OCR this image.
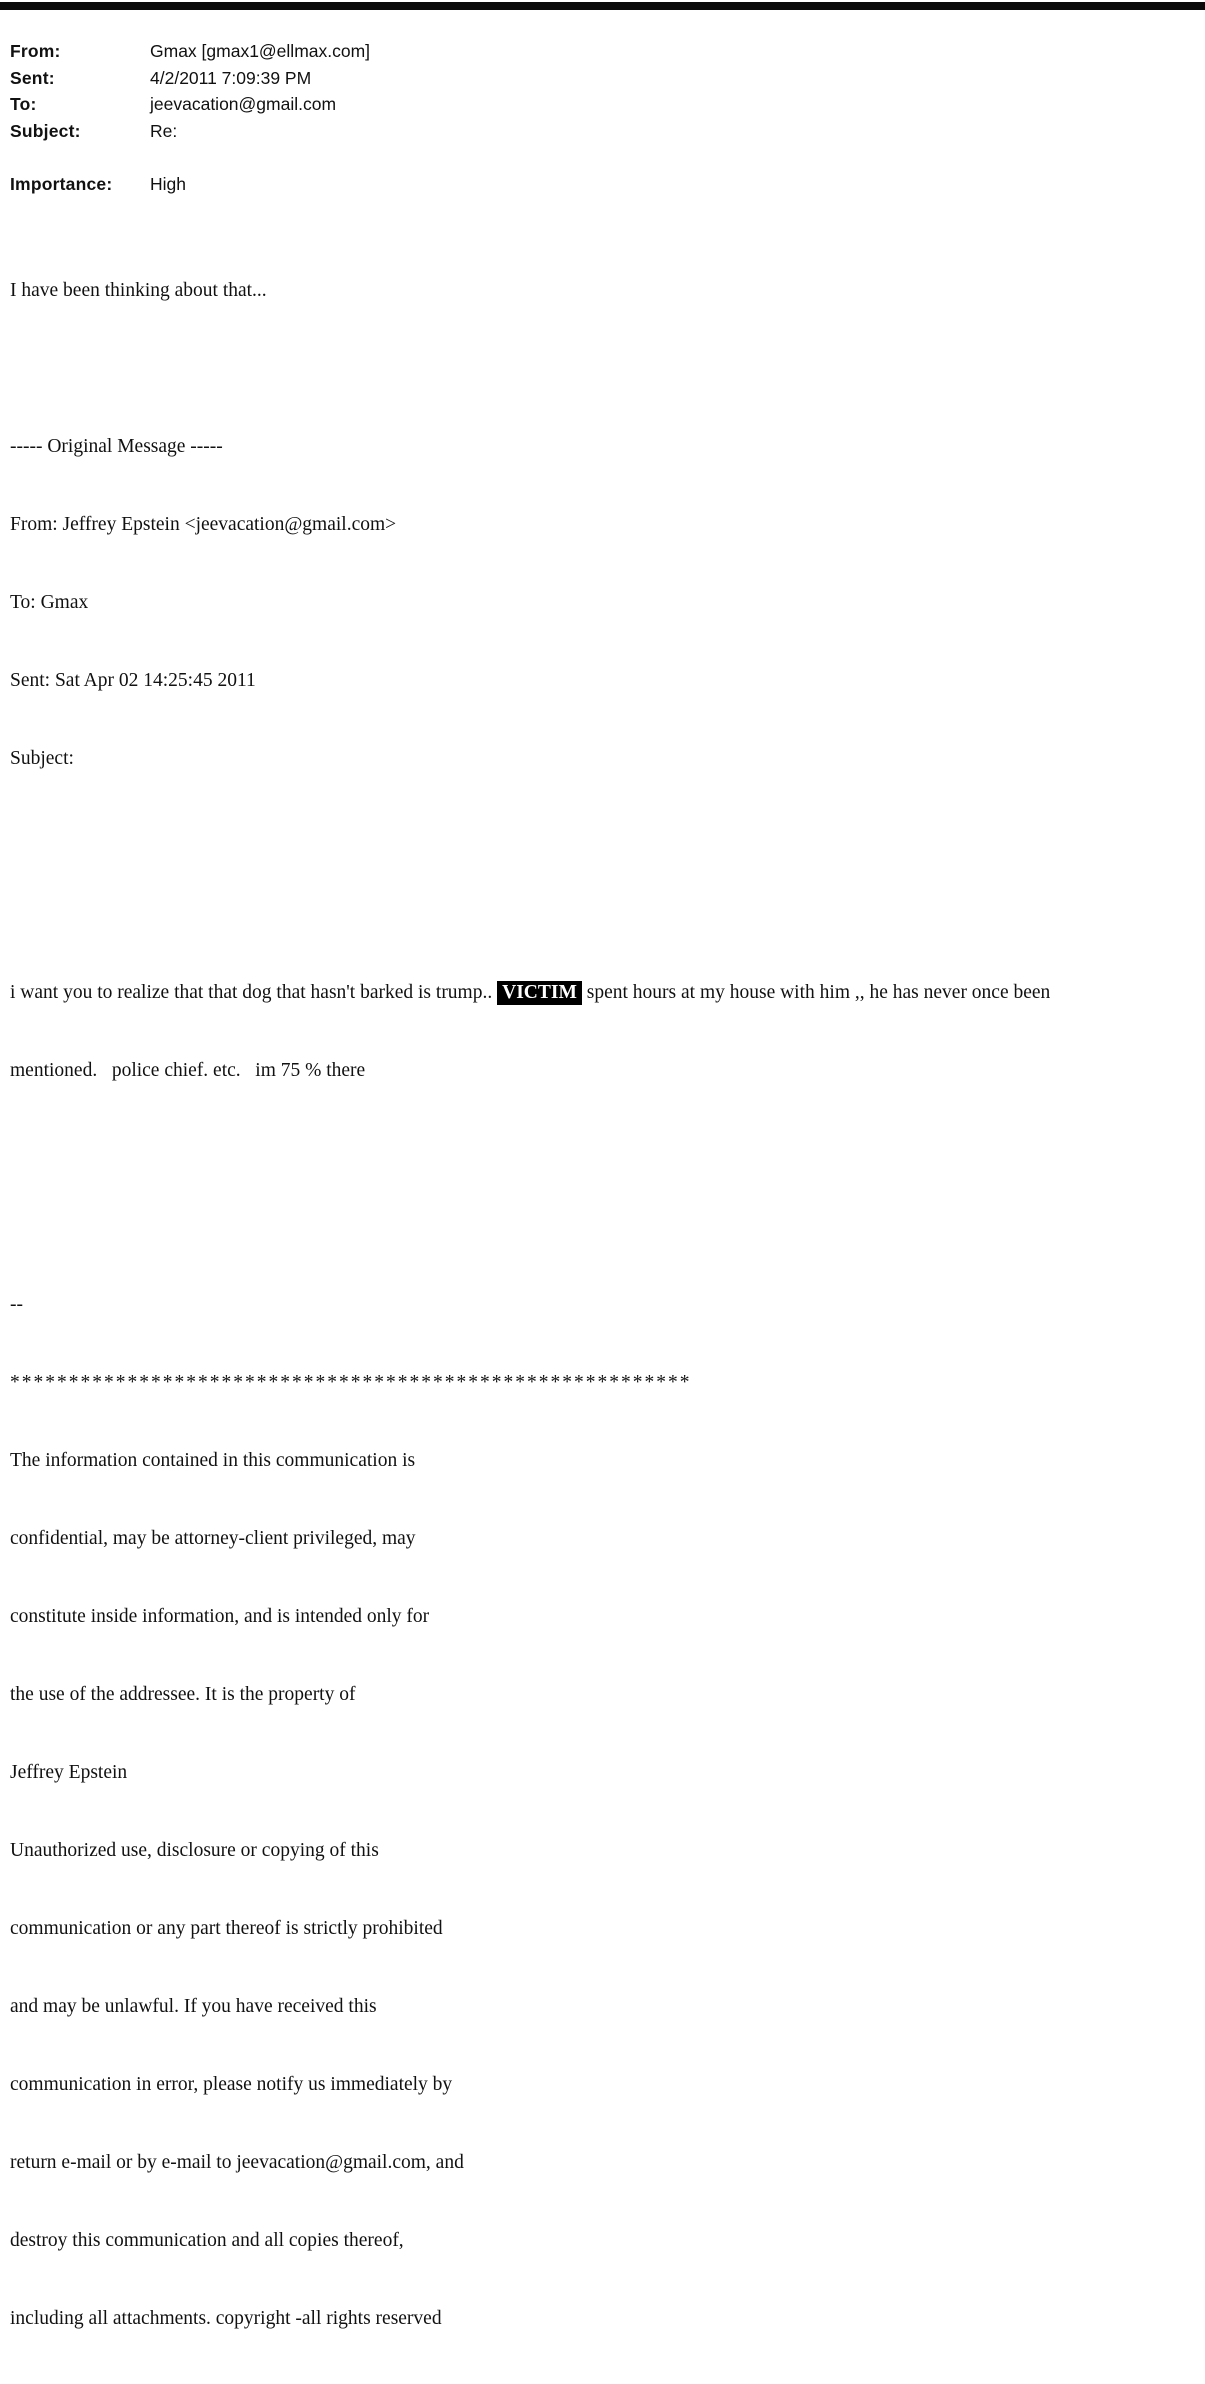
From:	Gmax [gmax1@ellmax.com]
Sent:	4/2/2011 7:09:39 PM
To:	jeevacation@gmail.com
Subject:	Re:
Importance:	High

I have been thinking about that...

----- Original Message -----

From: Jeffrey Epstein <jeevacation@gmail.com>

To: Gmax

Sent: Sat Apr 02 14:25:45 2011

Subject:

i want you to realize that that dog that hasn't barked is trump.. VICTIM spent hours at my house with him ,, he has never once been

mentioned.   police chief. etc.   im 75 % there

--

**********************************************************

The information contained in this communication is

confidential, may be attorney-client privileged, may

constitute inside information, and is intended only for

the use of the addressee. It is the property of

Jeffrey Epstein

Unauthorized use, disclosure or copying of this

communication or any part thereof is strictly prohibited

and may be unlawful. If you have received this

communication in error, please notify us immediately by

return e-mail or by e-mail to jeevacation@gmail.com, and

destroy this communication and all copies thereof,

including all attachments. copyright -all rights reserved
